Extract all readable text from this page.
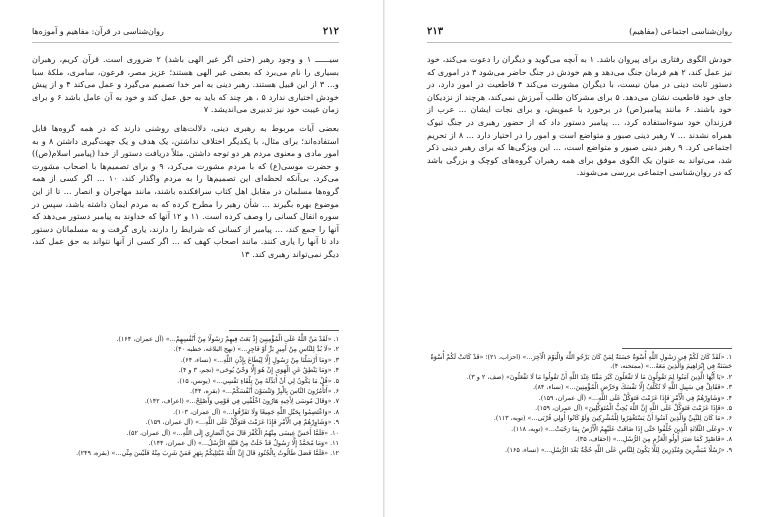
۲۱۲
روان‌شناسی در قرآن: مفاهیم و آموزه‌ها

سیــــــ ۱ و وجود رهبر (حتی اگر غیر الهی باشد) ۲ ضروری است. قرآن کریم، رهبران بسیاری را نام می‌برد که بعضی غیر الهی هستند؛ عزیز مصر، فرعون، سامری، ملکهٔ سبا و... ۳ از این قبیل هستند. رهبر دینی به امر خدا تصمیم می‌گیرد و عمل می‌کند ۴ و از پیش خودش اختیاری ندارد ۵ ، هر چند که باید به حق عمل کند و خود به آن عامل باشد ۶ و برای زمان غیبت خود نیز تدبیری می‌اندیشد. ۷

بعضی آیات مربوط به رهبری دینی، دلالت‌های روشنی دارند که در همه گروه‌ها قابل استفاده‌اند؛ برای مثال، با یکدیگر اختلاف نداشتن، یک هدف و یک جهت‌گیری داشتن ۸ و به امور مادی و معنوی مردم هر دو توجه داشتن. مثلاً دریافت دستور از خدا (پیامبر اسلام‌(ص)) و حضرت موسی(ع) که با مردم مشورت می‌کرد، ۹ و برای تصمیم‌ها با اصحاب مشورت می‌کرد. بی‌آنکه لحظه‌ای این تصمیم‌ها را به مردم واگذار کند، ۱۰ ... اگر کسی از همه گروه‌ها مسلمان در مقابل اهل کتاب سرافکنده باشند، مانند مهاجران و انصار ... تا از این موضوع بهره بگیرند ... شأن رهبر را مطرح کرده که به مردم ایمان داشته باشد، سپس در سوره انفال کسانی را وصف کرده است. ۱۱ و ۱۲ آنها که خداوند به پیامبر دستور می‌دهد که آنها را جمع کند، ... پیامبر از کسانی که شرایط را دارند، یاری گرفت و به مسلمانان دستور داد تا آنها را یاری کنند. مانند اصحاب کهف که ... اگر کسی از آنها نتواند به حق عمل کند، دیگر نمی‌تواند رهبری کند. ۱۳

۱. «لَقَدْ مَنَّ اللَّهُ عَلَى الْمُؤْمِنِينَ إِذْ بَعَثَ فِيهِمْ رَسُولًا مِنْ أَنْفُسِهِمْ...» (آل عمران، ۱۶۴).
۲. «لَا بُدَّ لِلنَّاسِ مِنْ أَمِيرٍ بَرٍّ أَوْ فَاجِرٍ...» (نهج البلاغه، خطبه ۴۰).
۳. «وَمَا أَرْسَلْنَا مِنْ رَسُولٍ إِلَّا لِيُطَاعَ بِإِذْنِ اللَّهِ...» (نساء، ۶۴).
۴. «وَمَا يَنْطِقُ عَنِ الْهَوَى إِنْ هُوَ إِلَّا وَحْيٌ يُوحَى» (نجم، ۳ و ۴).
۵. «قُلْ مَا يَكُونُ لِي أَنْ أُبَدِّلَهُ مِنْ تِلْقَاءِ نَفْسِي...» (یونس، ۱۵).
۶. «أَتَأْمُرُونَ النَّاسَ بِالْبِرِّ وَتَنْسَوْنَ أَنْفُسَكُمْ...» (بقره، ۴۴).
۷. «وَقَالَ مُوسَى لِأَخِيهِ هَارُونَ اخْلُفْنِي فِي قَوْمِي وَأَصْلِحْ...» (اعراف، ۱۴۲).
۸. «وَاعْتَصِمُوا بِحَبْلِ اللَّهِ جَمِيعًا وَلَا تَفَرَّقُوا...» (آل عمران، ۱۰۳).
۹. «وَشَاوِرْهُمْ فِي الْأَمْرِ فَإِذَا عَزَمْتَ فَتَوَكَّلْ عَلَى اللَّهِ...» (آل عمران، ۱۵۹).
۱۰. «فَلَمَّا أَحَسَّ عِيسَى مِنْهُمُ الْكُفْرَ قَالَ مَنْ أَنْصَارِي إِلَى اللَّهِ...» (آل عمران، ۵۲).
۱۱. «وَمَا مُحَمَّدٌ إِلَّا رَسُولٌ قَدْ خَلَتْ مِنْ قَبْلِهِ الرُّسُلُ...» (آل عمران، ۱۴۴).
۱۲. «فَلَمَّا فَصَلَ طَالُوتُ بِالْجُنُودِ قَالَ إِنَّ اللَّهَ مُبْتَلِيكُمْ بِنَهَرٍ فَمَنْ شَرِبَ مِنْهُ فَلَيْسَ مِنِّي...» (بقره، ۲۴۹).
روان‌شناسی اجتماعی (مفاهیم)
۲۱۳

خودش الگوی رفتاری برای پیروان باشد. ۱ به آنچه می‌گوید و دیگران را دعوت می‌کند، خود نیز عمل کند، ۲ هم فرمان جنگ می‌دهد و هم خودش در جنگ حاضر می‌شود ۳ در اموری که دستور ثابت دینی در میان نیست، با دیگران مشورت می‌کند ۴ قاطعیت در امور دارد، در جای خود قاطعیت نشان می‌دهد. ۵ برای مشرکان طلب آمرزش نمی‌کند، هرچند از نزدیکان خود باشند. ۶ مانند پیامبر(ص) در برخورد با عمویش، و برای نجات ایشان ... عرب از فرزندان خود سوءاستفاده کرد، ... پیامبر دستور داد که از حضور رهبری در جنگ تبوک همراه نشدند ... ۷ رهبر دینی صبور و متواضع است و امور را در اختیار دارد ... ۸ از تحریم اجتماعی کرد. ۹ رهبر دینی صبور و متواضع است، ... این ویژگی‌ها که برای رهبر دینی ذکر شد، می‌تواند به عنوان یک الگوی موفق برای همه رهبران گروه‌های کوچک و بزرگی باشد که در روان‌شناسی اجتماعی بررسی می‌شوند.

۱. «لَقَدْ كَانَ لَكُمْ فِي رَسُولِ اللَّهِ أُسْوَةٌ حَسَنَةٌ لِمَنْ كَانَ يَرْجُو اللَّهَ وَالْيَوْمَ الْآخِرَ...» (احزاب، ۲۱)؛ «قَدْ كَانَتْ لَكُمْ أُسْوَةٌ حَسَنَةٌ فِي إِبْرَاهِيمَ وَالَّذِينَ مَعَهُ...» (ممتحنه، ۴).
۲. «يَا أَيُّهَا الَّذِينَ آمَنُوا لِمَ تَقُولُونَ مَا لَا تَفْعَلُونَ كَبُرَ مَقْتًا عِنْدَ اللَّهِ أَنْ تَقُولُوا مَا لَا تَفْعَلُونَ» (صف، ۲ و ۳).
۳. «فَقَاتِلْ فِي سَبِيلِ اللَّهِ لَا تُكَلَّفُ إِلَّا نَفْسَكَ وَحَرِّضِ الْمُؤْمِنِينَ...» (نساء، ۸۴).
۴. «وَشَاوِرْهُمْ فِي الْأَمْرِ فَإِذَا عَزَمْتَ فَتَوَكَّلْ عَلَى اللَّهِ...» (آل عمران، ۱۵۹).
۵. «فَإِذَا عَزَمْتَ فَتَوَكَّلْ عَلَى اللَّهِ إِنَّ اللَّهَ يُحِبُّ الْمُتَوَكِّلِينَ» (آل عمران، ۱۵۹).
۶. «مَا كَانَ لِلنَّبِيِّ وَالَّذِينَ آمَنُوا أَنْ يَسْتَغْفِرُوا لِلْمُشْرِكِينَ وَلَوْ كَانُوا أُولِي قُرْبَى...» (توبه، ۱۱۳).
۷. «وَعَلَى الثَّلَاثَةِ الَّذِينَ خُلِّفُوا حَتَّى إِذَا ضَاقَتْ عَلَيْهِمُ الْأَرْضُ بِمَا رَحُبَتْ...» (توبه، ۱۱۸).
۸. «فَاصْبِرْ كَمَا صَبَرَ أُولُو الْعَزْمِ مِنَ الرُّسُلِ...» (احقاف، ۳۵).
۹. «رُسُلًا مُبَشِّرِينَ وَمُنْذِرِينَ لِئَلَّا يَكُونَ لِلنَّاسِ عَلَى اللَّهِ حُجَّةٌ بَعْدَ الرُّسُلِ...» (نساء، ۱۶۵).
